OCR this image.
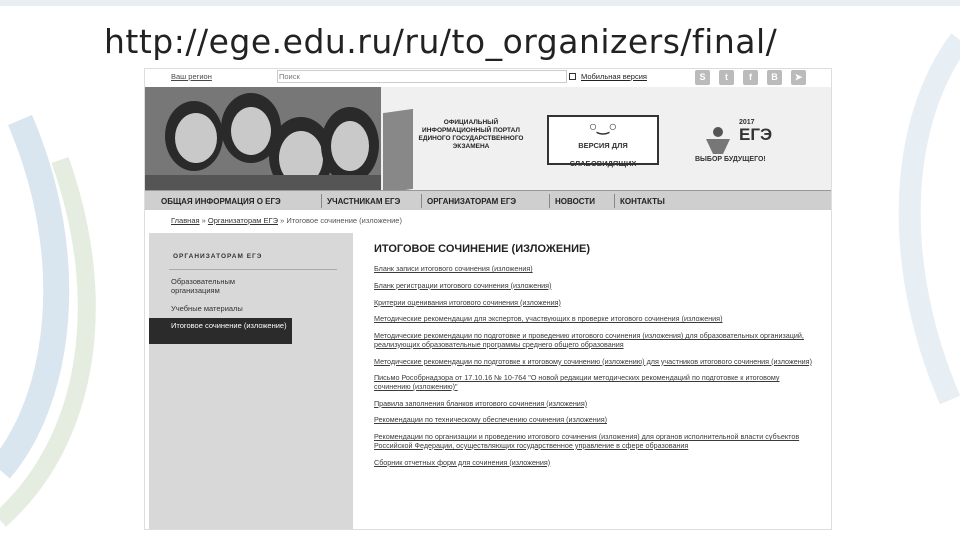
http://ege.edu.ru/ru/to_organizers/final/
Ваш регион	Поиск	Мобильная версия	S	t	f	B	➤
ОФИЦИАЛЬНЫЙ ИНФОРМАЦИОННЫЙ ПОРТАЛ ЕДИНОГО ГОСУДАРСТВЕННОГО ЭКЗАМЕНА
○‿○
ВЕРСИЯ ДЛЯ СЛАБОВИДЯЩИХ
2017
ЕГЭ
ВЫБОР БУДУЩЕГО!
ОБЩАЯ ИНФОРМАЦИЯ О ЕГЭ	УЧАСТНИКАМ ЕГЭ	ОРГАНИЗАТОРАМ ЕГЭ	НОВОСТИ	КОНТАКТЫ
Главная » Организаторам ЕГЭ » Итоговое сочинение (изложение)
ОРГАНИЗАТОРАМ ЕГЭ
Образовательным организациям
Учебные материалы
Итоговое сочинение (изложение)
ИТОГОВОЕ СОЧИНЕНИЕ (ИЗЛОЖЕНИЕ)
Бланк записи итогового сочинения (изложения)
Бланк регистрации итогового сочинения (изложения)
Критерии оценивания итогового сочинения (изложения)
Методические рекомендации для экспертов, участвующих в проверке итогового сочинения (изложения)
Методические рекомендации по подготовке и проведению итогового сочинения (изложения) для образовательных организаций, реализующих образовательные программы среднего общего образования
Методические рекомендации по подготовке к итоговому сочинению (изложению) для участников итогового сочинения (изложения)
Письмо Рособрнадзора от 17.10.16 № 10-764 "О новой редакции методических рекомендаций по подготовке к итоговому сочинению (изложению)"
Правила заполнения бланков итогового сочинения (изложения)
Рекомендации по техническому обеспечению сочинения (изложения)
Рекомендации по организации и проведению итогового сочинения (изложения) для органов исполнительной власти субъектов Российской Федерации, осуществляющих государственное управление в сфере образования
Сборник отчетных форм для сочинения (изложения)
